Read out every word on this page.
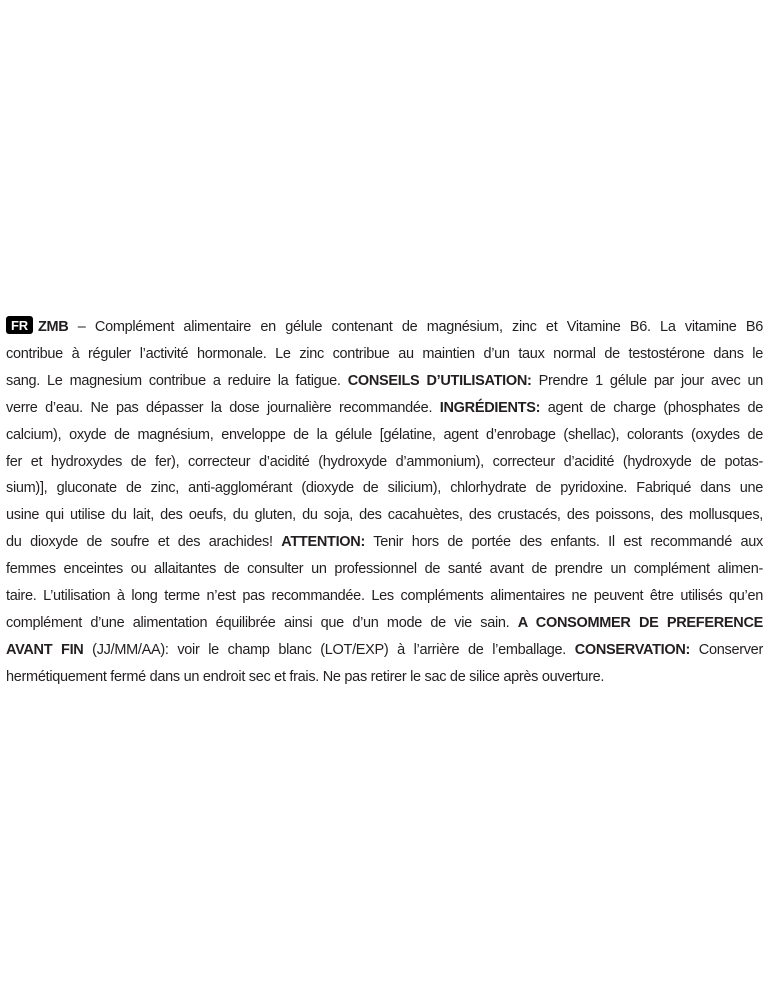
FR ZMB – Complément alimentaire en gélule contenant de magnésium, zinc et Vitamine B6. La vitamine B6
contribue à réguler l’activité hormonale. Le zinc contribue au maintien d’un taux normal de testostérone dans le
sang. Le magnesium contribue a reduire la fatigue. CONSEILS D’UTILISATION: Prendre 1 gélule par jour avec un
verre d’eau. Ne pas dépasser la dose journalière recommandée. INGRÉDIENTS: agent de charge (phosphates de
calcium), oxyde de magnésium, enveloppe de la gélule [gélatine, agent d’enrobage (shellac), colorants (oxydes de
fer et hydroxydes de fer), correcteur d’acidité (hydroxyde d’ammonium), correcteur d’acidité (hydroxyde de potas-
sium)], gluconate de zinc, anti-agglomérant (dioxyde de silicium), chlorhydrate de pyridoxine. Fabriqué dans une
usine qui utilise du lait, des oeufs, du gluten, du soja, des cacahuètes, des crustacés, des poissons, des mollusques,
du dioxyde de soufre et des arachides! ATTENTION: Tenir hors de portée des enfants. Il est recommandé aux
femmes enceintes ou allaitantes de consulter un professionnel de santé avant de prendre un complément alimen-
taire. L’utilisation à long terme n’est pas recommandée. Les compléments alimentaires ne peuvent être utilisés qu’en
complément d’une alimentation équilibrée ainsi que d’un mode de vie sain. A CONSOMMER DE PREFERENCE
AVANT FIN (JJ/MM/AA): voir le champ blanc (LOT/EXP) à l’arrière de l’emballage. CONSERVATION: Conserver
hermétiquement fermé dans un endroit sec et frais. Ne pas retirer le sac de silice après ouverture.
